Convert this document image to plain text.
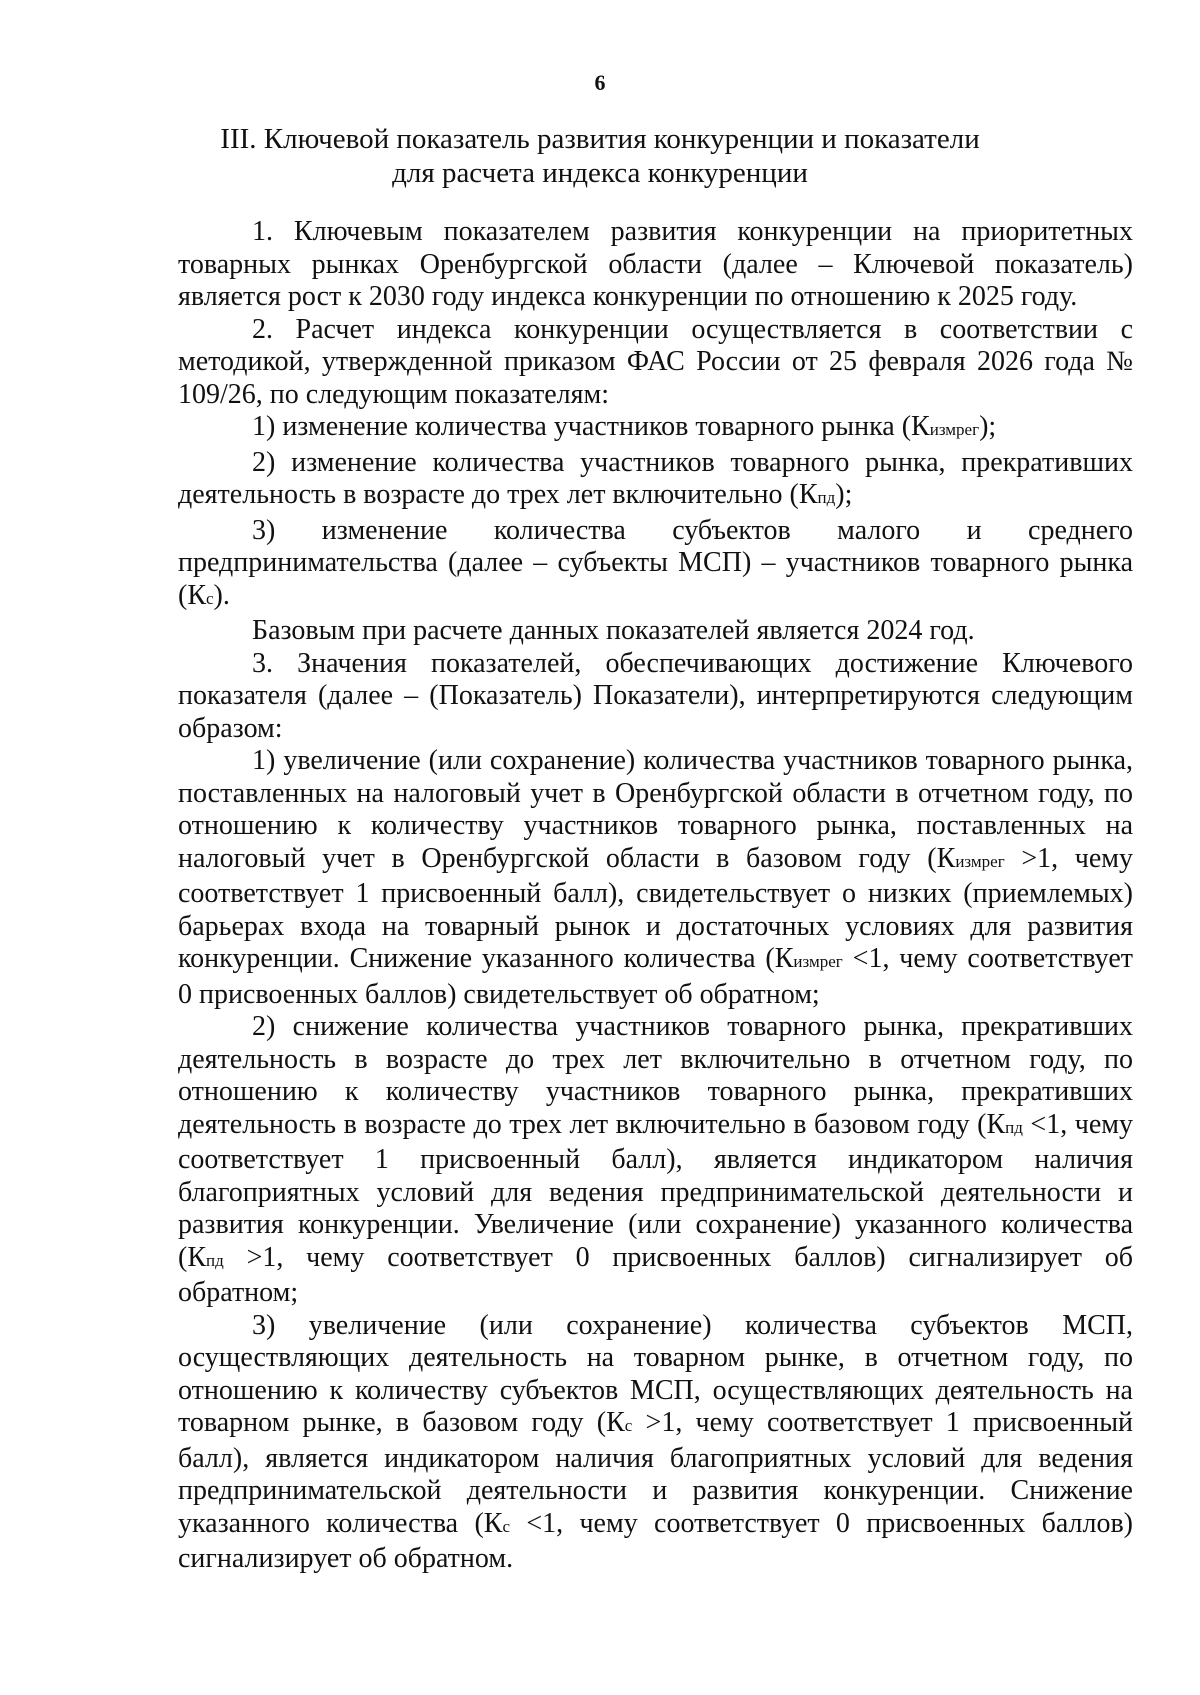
6
III. Ключевой показатель развития конкуренции и показатели
для расчета индекса конкуренции

1. Ключевым показателем развития конкуренции на приоритетных товарных рынках Оренбургской области (далее – Ключевой показатель) является рост к 2030 году индекса конкуренции по отношению к 2025 году.

2. Расчет индекса конкуренции осуществляется в соответствии с методикой, утвержденной приказом ФАС России от 25 февраля 2026 года № 109/26, по следующим показателям:

1) изменение количества участников товарного рынка (Кизмрег);

2) изменение количества участников товарного рынка, прекративших деятельность в возрасте до трех лет включительно (Кпд);

3) изменение количества субъектов малого и среднего предпринимательства (далее – субъекты МСП) – участников товарного рынка (Кс).

Базовым при расчете данных показателей является 2024 год.

3. Значения показателей, обеспечивающих достижение Ключевого показателя (далее – (Показатель) Показатели), интерпретируются следующим образом:

1) увеличение (или сохранение) количества участников товарного рынка, поставленных на налоговый учет в Оренбургской области в отчетном году, по отношению к количеству участников товарного рынка, поставленных на налоговый учет в Оренбургской области в базовом году (Кизмрег >1, чему соответствует 1 присвоенный балл), свидетельствует о низких (приемлемых) барьерах входа на товарный рынок и достаточных условиях для развития конкуренции. Снижение указанного количества (Кизмрег <1, чему соответствует 0 присвоенных баллов) свидетельствует об обратном;

2) снижение количества участников товарного рынка, прекративших деятельность в возрасте до трех лет включительно в отчетном году, по отношению к количеству участников товарного рынка, прекративших деятельность в возрасте до трех лет включительно в базовом году (Кпд <1, чему соответствует 1 присвоенный балл), является индикатором наличия благоприятных условий для ведения предпринимательской деятельности и развития конкуренции. Увеличение (или сохранение) указанного количества (Кпд >1, чему соответствует 0 присвоенных баллов) сигнализирует об обратном;

3) увеличение (или сохранение) количества субъектов МСП, осуществляющих деятельность на товарном рынке, в отчетном году, по отношению к количеству субъектов МСП, осуществляющих деятельность на товарном рынке, в базовом году (Кс >1, чему соответствует 1 присвоенный балл), является индикатором наличия благоприятных условий для ведения предпринимательской деятельности и развития конкуренции. Снижение указанного количества (Кс <1, чему соответствует 0 присвоенных баллов) сигнализирует об обратном.
